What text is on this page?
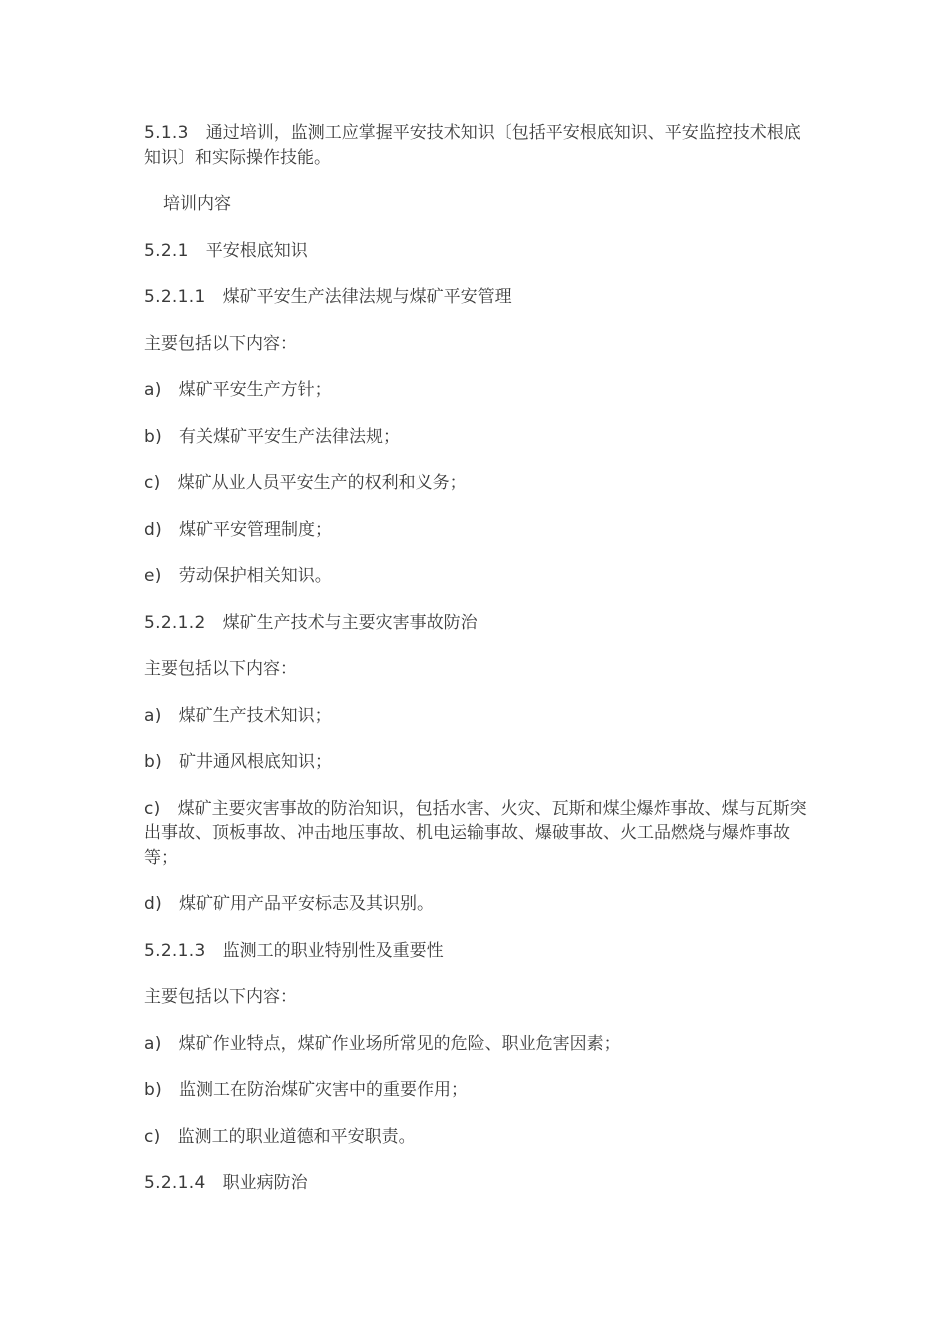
5.1.3 通过培训，监测工应掌握平安技术知识〔包括平安根底知识、平安监控技术根底知识〕和实际操作技能。

培训内容

5.2.1 平安根底知识

5.2.1.1 煤矿平安生产法律法规与煤矿平安管理

主要包括以下内容：

a) 煤矿平安生产方针；

b) 有关煤矿平安生产法律法规；

c) 煤矿从业人员平安生产的权利和义务；

d) 煤矿平安管理制度；

e) 劳动保护相关知识。

5.2.1.2 煤矿生产技术与主要灾害事故防治

主要包括以下内容：

a) 煤矿生产技术知识；

b) 矿井通风根底知识；

c) 煤矿主要灾害事故的防治知识，包括水害、火灾、瓦斯和煤尘爆炸事故、煤与瓦斯突出事故、顶板事故、冲击地压事故、机电运输事故、爆破事故、火工品燃烧与爆炸事故等；

d) 煤矿矿用产品平安标志及其识别。

5.2.1.3 监测工的职业特别性及重要性

主要包括以下内容：

a) 煤矿作业特点，煤矿作业场所常见的危险、职业危害因素；

b) 监测工在防治煤矿灾害中的重要作用；

c) 监测工的职业道德和平安职责。

5.2.1.4 职业病防治
